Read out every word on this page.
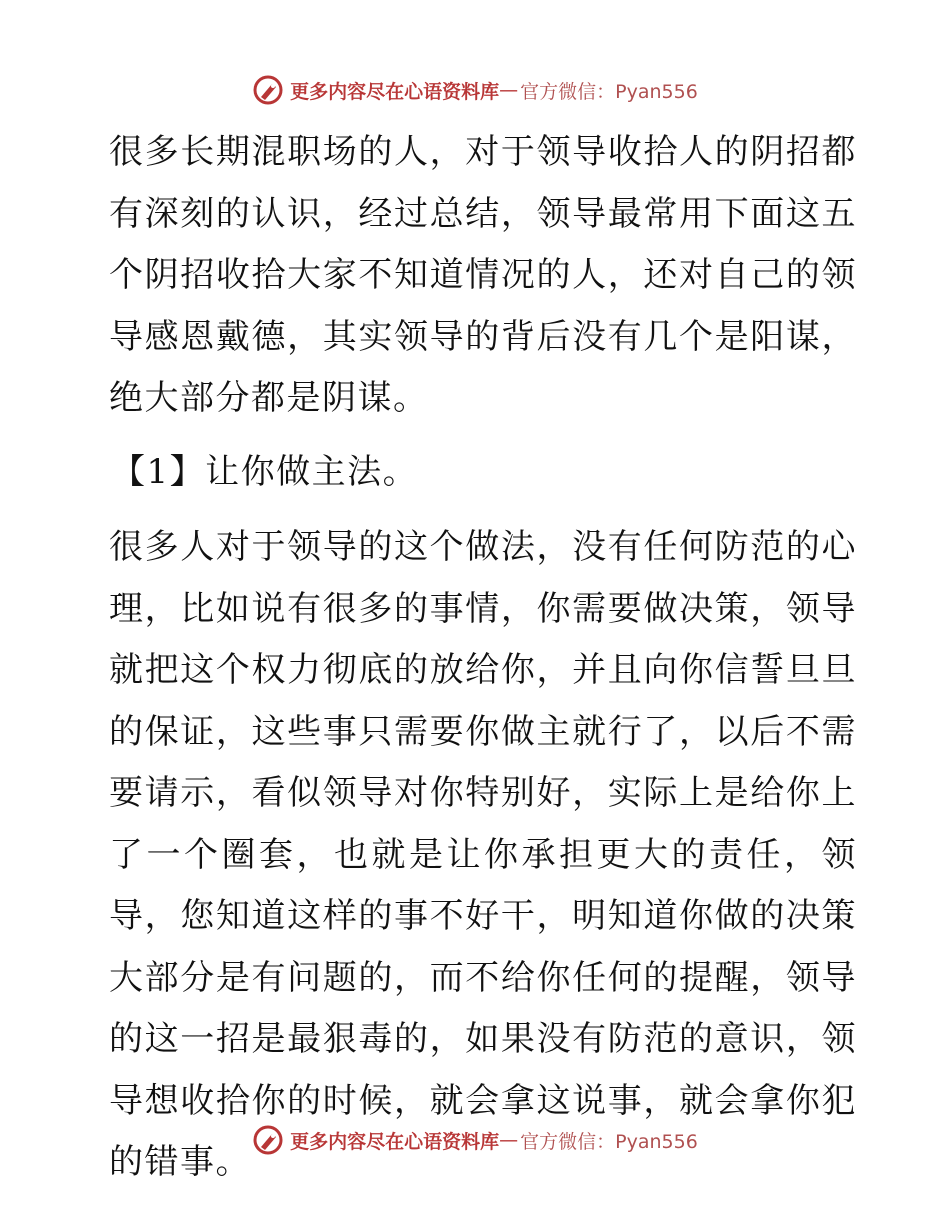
更多内容尽在心语资料库 — 官方微信：Pyan556

很多长期混职场的人，对于领导收拾人的阴招都有深刻的认识，经过总结，领导最常用下面这五个阴招收拾大家不知道情况的人，还对自己的领导感恩戴德，其实领导的背后没有几个是阳谋，绝大部分都是阴谋。

【1】让你做主法。

很多人对于领导的这个做法，没有任何防范的心理，比如说有很多的事情，你需要做决策，领导就把这个权力彻底的放给你，并且向你信誓旦旦的保证，这些事只需要你做主就行了，以后不需要请示，看似领导对你特别好，实际上是给你上了一个圈套，也就是让你承担更大的责任，领导，您知道这样的事不好干，明知道你做的决策大部分是有问题的，而不给你任何的提醒，领导的这一招是最狠毒的，如果没有防范的意识，领导想收拾你的时候，就会拿这说事，就会拿你犯的错事。

更多内容尽在心语资料库 — 官方微信：Pyan556
